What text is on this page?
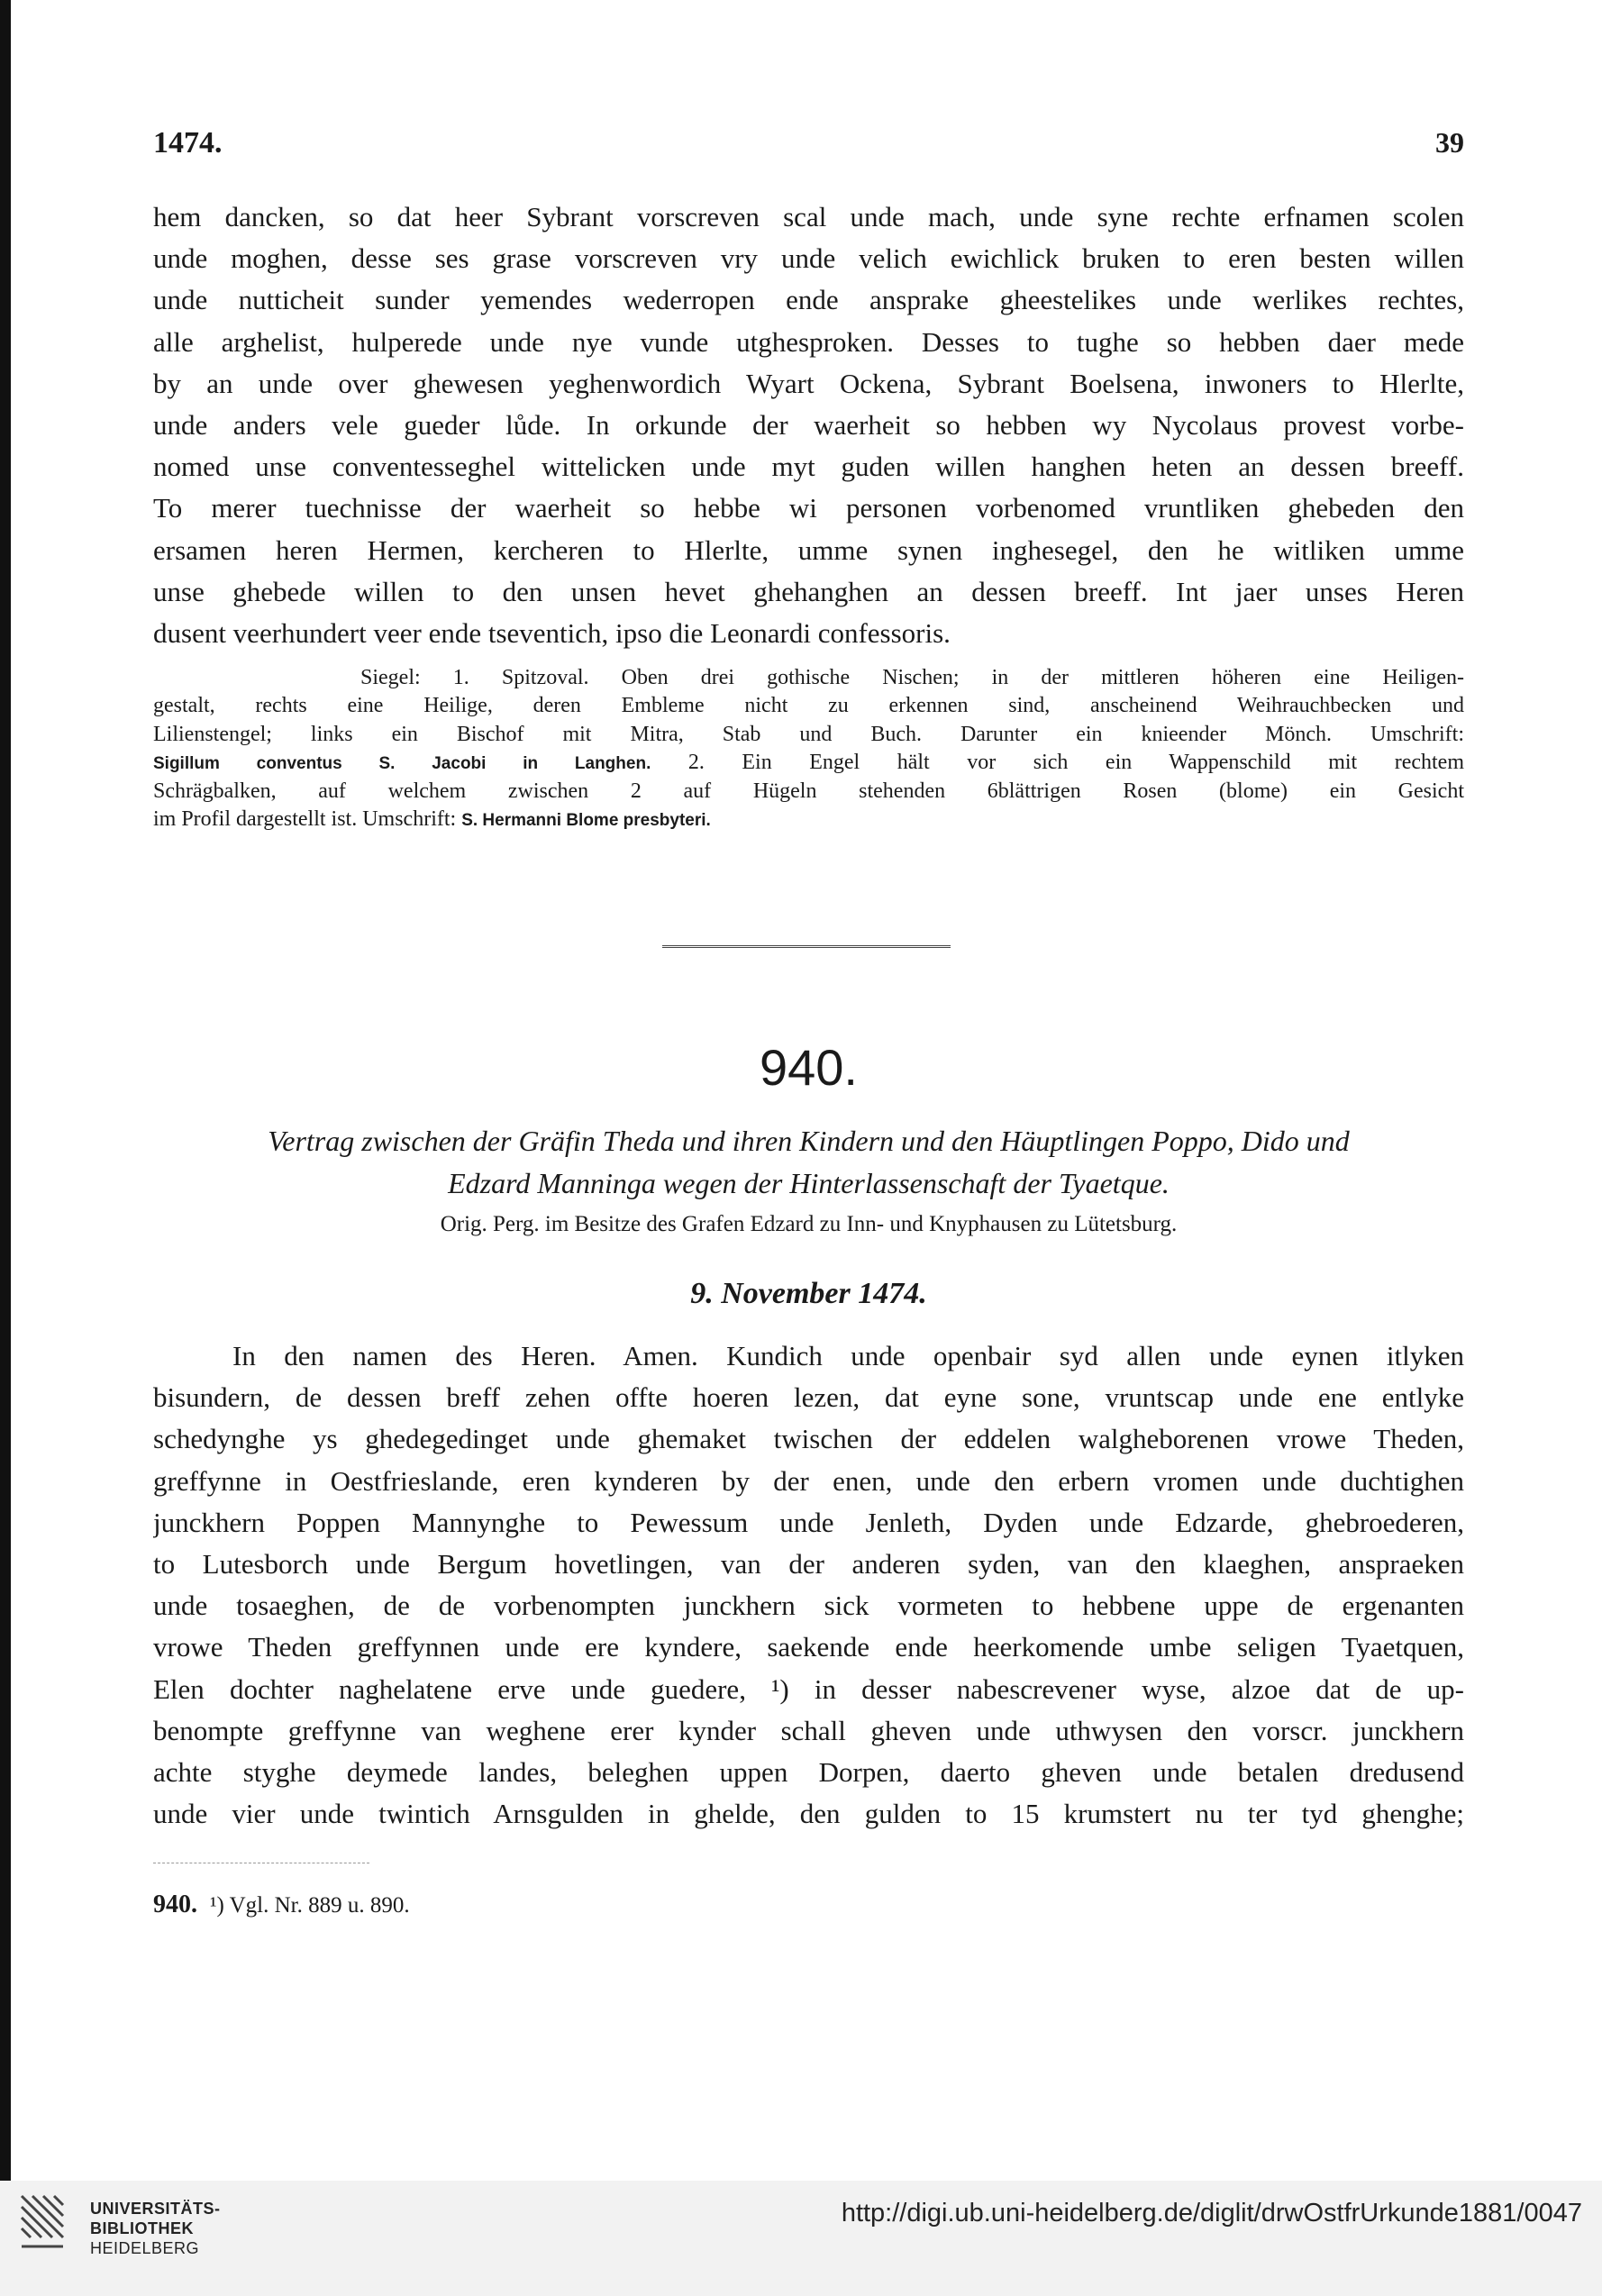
1474.	39

hem dancken, so dat heer Sybrant vorscreven scal unde mach, unde syne rechte erfnamen scolen
unde moghen, desse ses grase vorscreven vry unde velich ewichlick bruken to eren besten willen
unde nutticheit sunder yemendes wederropen ende ansprake gheestelikes unde werlikes rechtes,
alle arghelist, hulperede unde nye vunde utghesproken. Desses to tughe so hebben daer mede
by an unde over ghewesen yeghenwordich Wyart Ockena, Sybrant Boelsena, inwoners to Hlerlte,
unde anders vele gueder lůde. In orkunde der waerheit so hebben wy Nycolaus provest vorbe-
nomed unse conventesseghel wittelicken unde myt guden willen hanghen heten an dessen breeff.
To merer tuechnisse der waerheit so hebbe wi personen vorbenomed vruntliken ghebeden den
ersamen heren Hermen, kercheren to Hlerlte, umme synen inghesegel, den he witliken umme
unse ghebede willen to den unsen hevet ghehanghen an dessen breeff. Int jaer unses Heren
dusent veerhundert veer ende tseventich, ipso die Leonardi confessoris.

Siegel: 1. Spitzoval. Oben drei gothische Nischen; in der mittleren höheren eine Heiligen-
gestalt, rechts eine Heilige, deren Embleme nicht zu erkennen sind, anscheinend Weihrauchbecken und
Lilienstengel; links ein Bischof mit Mitra, Stab und Buch. Darunter ein knieender Mönch. Umschrift:
Sigillum conventus S. Jacobi in Langhen. 2. Ein Engel hält vor sich ein Wappenschild mit rechtem
Schrägbalken, auf welchem zwischen 2 auf Hügeln stehenden 6blättrigen Rosen (blome) ein Gesicht
im Profil dargestellt ist. Umschrift: S. Hermanni Blome presbyteri.

940.

Vertrag zwischen der Gräfin Theda und ihren Kindern und den Häuptlingen Poppo, Dido und
Edzard Manninga wegen der Hinterlassenschaft der Tyaetque.

Orig. Perg. im Besitze des Grafen Edzard zu Inn- und Knyphausen zu Lütetsburg.
9. November 1474.

In den namen des Heren. Amen. Kundich unde openbair syd allen unde eynen itlyken
bisundern, de dessen breff zehen offte hoeren lezen, dat eyne sone, vruntscap unde ene entlyke
schedynghe ys ghedegedinget unde ghemaket twischen der eddelen walgheborenen vrowe Theden,
greffynne in Oestfrieslande, eren kynderen by der enen, unde den erbern vromen unde duchtighen
junckhern Poppen Mannynghe to Pewessum unde Jenleth, Dyden unde Edzarde, ghebroederen,
to Lutesborch unde Bergum hovetlingen, van der anderen syden, van den klaeghen, anspraeken
unde tosaeghen, de de vorbenompten junckhern sick vormeten to hebbene uppe de ergenanten
vrowe Theden greffynnen unde ere kyndere, saekende ende heerkomende umbe seligen Tyaetquen,
Elen dochter naghelatene erve unde guedere, ¹) in desser nabescrevener wyse, alzoe dat de up-
benompte greffynne van weghene erer kynder schall gheven unde uthwysen den vorscr. junckhern
achte styghe deymede landes, beleghen uppen Dorpen, daerto gheven unde betalen dredusend
unde vier unde twintich Arnsgulden in ghelde, den gulden to 15 krumstert nu ter tyd ghenghe;

940. ¹) Vgl. Nr. 889 u. 890.
UNIVERSITÄTS-
BIBLIOTHEK
HEIDELBERG
http://digi.ub.uni-heidelberg.de/diglit/drwOstfrUrkunde1881/0047
